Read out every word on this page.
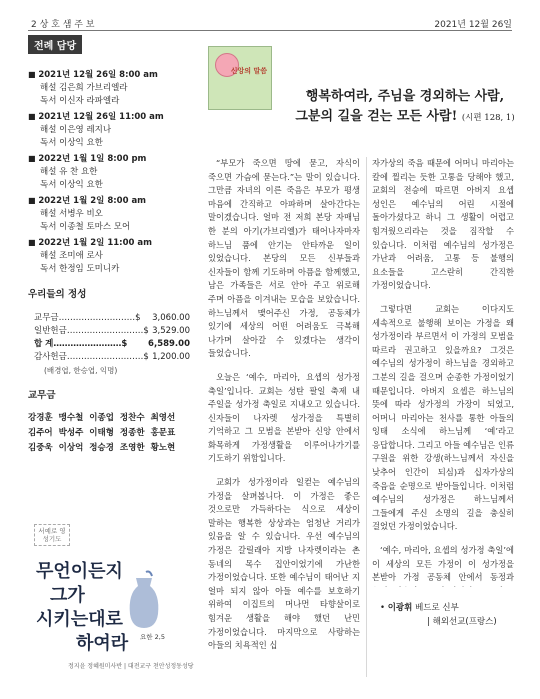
2 상 호 샘 주 보	2021년 12월 26일
전례 담당
■ 2021년 12월 26일 8:00 am
해설 김은희 가브리엘라
독서 이신자 라파엘라
■ 2021년 12월 26일 11:00 am
해설 이은영 레지나
독서 이상익 요한
■ 2022년 1월 1일 8:00 pm
해설 유 찬 요한
독서 이상익 요한
■ 2022년 1월 2일 8:00 am
해설 서병우 비오
독서 이종철 토마스 모어
■ 2022년 1월 2일 11:00 am
해설 조미애 로사
독서 한정임 도미니카
우리들의 정성
교무금………………………$ 3,060.00
일반헌금………………………$ 3,529.00
합 계……………………$ 6,589.00
감사헌금………………………$ 1,200.00
(배경엽, 한승엽, 익명)
교무금
강경훈 맹수철 이종업 정찬수 최영선
김주어 박성주 이태형 정종한 홍문표
김중욱 이상억 정승경 조영한 황노현
서예로 영성기도
무언이든지
그가
시키는대로
하여라 요한 2,5
정지윤 정혜원미사반 | 대전교구 천안성정동성당
신앙의 말씀
행복하여라, 주님을 경외하는 사람,
그분의 길을 걷는 모든 사람! (시편 128, 1)

“부모가 죽으면 땅에 묻고, 자식이 죽으면 가슴에 묻는다.”는 말이 있습니다. 그만큼 자녀의 이른 죽음은 부모가 평생 마음에 간직하고 아파하며 살아간다는 말이겠습니다. 얼마 전 저희 본당 자매님 한 분의 아기(가브리엘)가 태어나자마자 하느님 품에 안기는 안타까운 일이 있었습니다. 본당의 모든 신부들과 신자들이 함께 기도하며 아픔을 함께했고, 남은 가족들은 서로 안아 주고 위로해 주며 아픔을 이겨내는 모습을 보았습니다. 하느님께서 맺어주신 가정, 공동체가 있기에 세상의 어떤 어려움도 극복해 나가며 살아갈 수 있겠다는 생각이 들었습니다.

오늘은 ‘예수, 마리아, 요셉의 성가정 축일’입니다. 교회는 성탄 팔일 축제 내 주일을 성가정 축일로 지내오고 있습니다. 신자들이 나자렛 성가정을 특별히 기억하고 그 모범을 본받아 신앙 안에서 화목하게 가정생활을 이루어나가기를 기도하기 위함입니다.

교회가 성가정이라 일컫는 예수님의 가정을 살펴봅니다. 이 가정은 좋은 것으로만 가득하다는 식으로 세상이 말하는 행복한 상상과는 엄청난 거리가 있음을 알 수 있습니다. 우선 예수님의 가정은 갈릴래아 지방 나자렛이라는 촌 동네의 목수 집안이었기에 가난한 가정이었습니다. 또한 예수님이 태어난 지 얼마 되지 않아 아들 예수를 보호하기 위하여 이집트의 머나먼 타향살이로 힘겨운 생활을 해야 했던 난민 가정이었습니다. 마지막으로 사랑하는 아들의 치욕적인 십

자가상의 죽음 때문에 어머니 마리아는 칼에 찔리는 듯한 고통을 당해야 했고, 교회의 전승에 따르면 아버지 요셉 성인은 예수님의 어린 시절에 돌아가셨다고 하니 그 생활이 어렵고 힘겨웠으리라는 것을 짐작할 수 있습니다. 이처럼 예수님의 성가정은 가난과 어려움, 고통 등 불행의 요소들을 고스란히 간직한 가정이었습니다.

그렇다면 교회는 이다지도 세속적으로 불행해 보이는 가정을 왜 성가정이라 부르면서 이 가정의 모범을 따르라 권고하고 있을까요? 그것은 예수님의 성가정이 하느님을 경외하고 그분의 길을 걸으며 순종한 가정이었기 때문입니다. 아버지 요셉은 하느님의 뜻에 따라 성가정의 가장이 되었고, 어머니 마리아는 천사를 통한 아들의 잉태 소식에 하느님께 ‘예’라고 응답합니다. 그리고 아들 예수님은 인류 구원을 위한 강생(하느님께서 자신을 낮추어 인간이 되심)과 십자가상의 죽음을 순명으로 받아들입니다. 이처럼 예수님의 성가정은 하느님께서 그들에게 주신 소명의 길을 충실히 걸었던 가정이었습니다.

‘예수, 마리아, 요셉의 성가정 축일’에 이 세상의 모든 가정이 이 성가정을 본받아 가정 공동체 안에서 동정과

• 이광휘 베드로 신부
| 해외선교(프랑스)
